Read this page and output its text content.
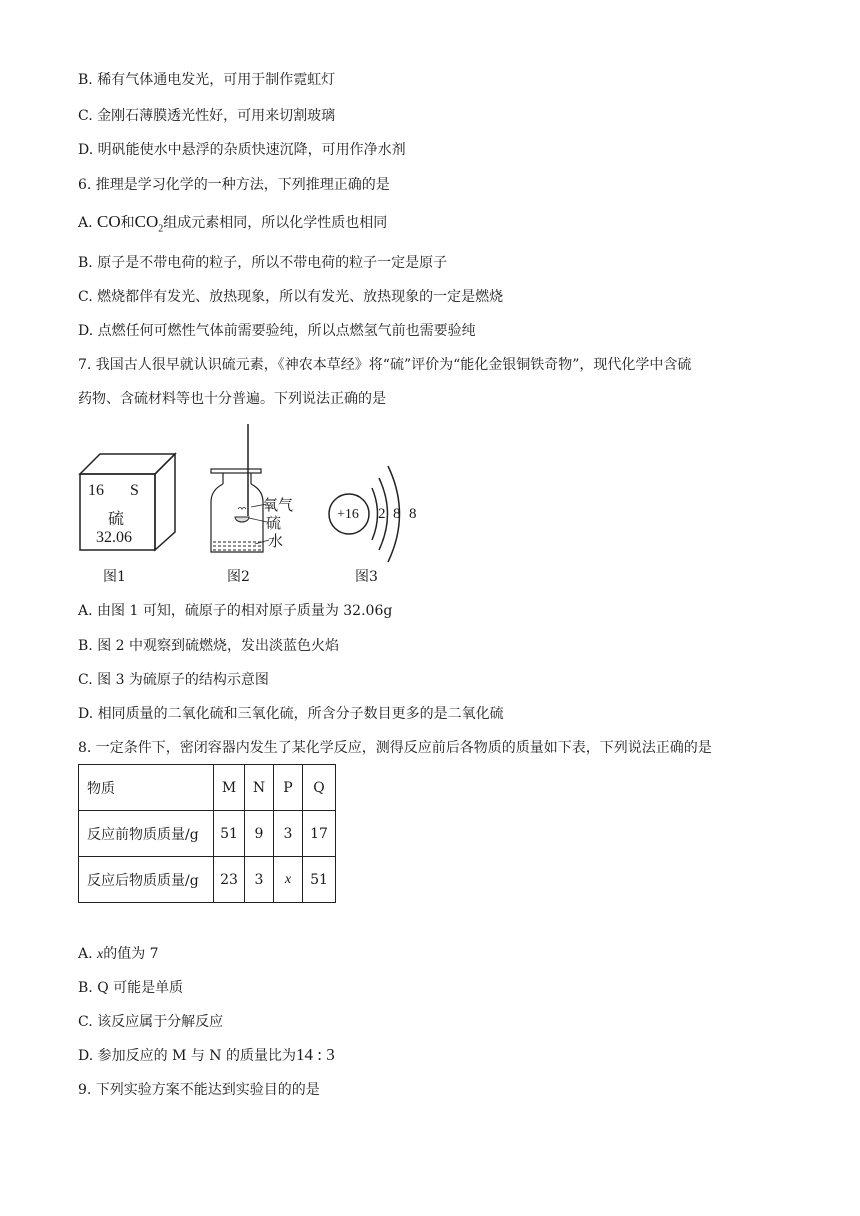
B. 稀有气体通电发光，可用于制作霓虹灯
C. 金刚石薄膜透光性好，可用来切割玻璃
D. 明矾能使水中悬浮的杂质快速沉降，可用作净水剂
6. 推理是学习化学的一种方法，下列推理正确的是
A. CO和$CO_2$组成元素相同，所以化学性质也相同
B. 原子是不带电荷的粒子，所以不带电荷的粒子一定是原子
C. 燃烧都伴有发光、放热现象，所以有发光、放热现象的一定是燃烧
D. 点燃任何可燃性气体前需要验纯，所以点燃氢气前也需要验纯
7. 我国古人很早就认识硫元素，《神农本草经》将“硫”评价为“能化金银铜铁奇物”，现代化学中含硫
药物、含硫材料等也十分普遍。下列说法正确的是
16 S
硫
32.06
图1
氧气
硫
水
图2
+16 2 8 8
图3
A. 由图 1 可知，硫原子的相对原子质量为 32.06g
B. 图 2 中观察到硫燃烧，发出淡蓝色火焰
C. 图 3 为硫原子的结构示意图
D. 相同质量的二氧化硫和三氧化硫，所含分子数目更多的是二氧化硫
8. 一定条件下，密闭容器内发生了某化学反应，测得反应前后各物质的质量如下表，下列说法正确的是
物质	M	N	P	Q
反应前物质质量/g	51	9	3	17
反应后物质质量/g	23	3	x	51
A. x的值为 7
B. Q 可能是单质
C. 该反应属于分解反应
D. 参加反应的 M 与 N 的质量比为14 : 3
9. 下列实验方案不能达到实验目的的是
